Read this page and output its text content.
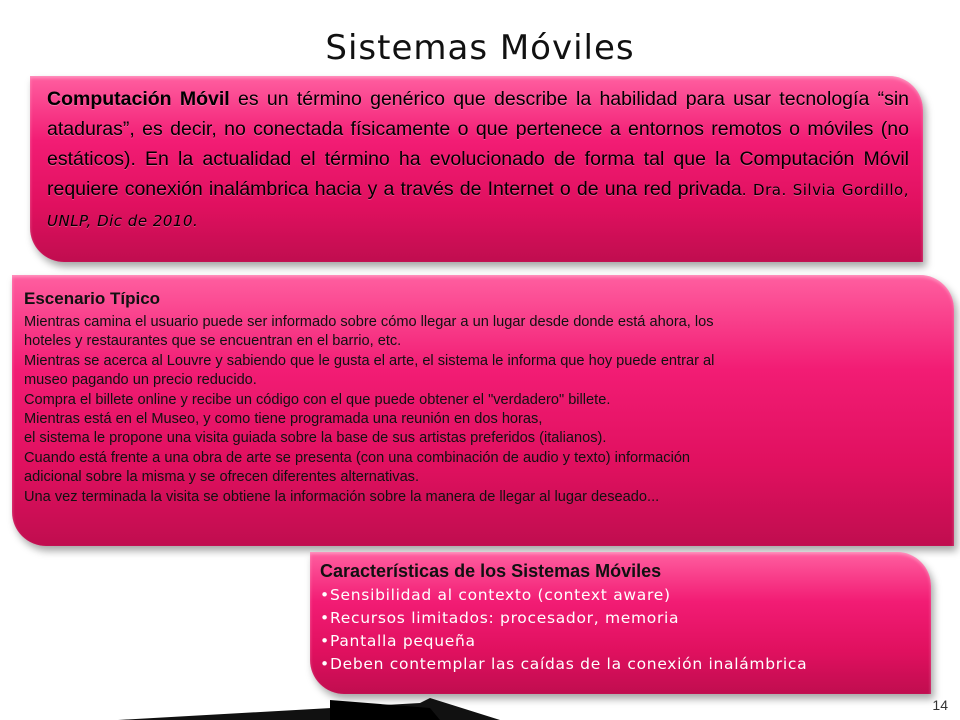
Sistemas Móviles

Computación Móvil es un término genérico que describe la habilidad para usar tecnología “sin ataduras”, es decir, no conectada físicamente o que pertenece a entornos remotos o móviles (no estáticos). En la actualidad el término ha evolucionado de forma tal que la Computación Móvil requiere conexión inalámbrica hacia y a través de Internet o de una red privada. Dra. Silvia Gordillo, UNLP, Dic de 2010.

Escenario Típico

Mientras camina el usuario puede ser informado sobre cómo llegar a un lugar desde donde está ahora, los

hoteles y restaurantes que se encuentran en el barrio, etc.

Mientras se acerca al Louvre y sabiendo que le gusta el arte, el sistema le informa que hoy puede entrar al

museo pagando un precio reducido.

Compra el billete online y recibe un código con el que puede obtener el "verdadero" billete.

Mientras está en el Museo, y como tiene programada una reunión en dos horas,

el sistema le propone una visita guiada sobre la base de sus artistas preferidos (italianos).

Cuando está frente a una obra de arte se presenta (con una combinación de audio y texto) información

adicional sobre la misma y se ofrecen diferentes alternativas.

Una vez terminada la visita se obtiene la información sobre la manera de llegar al lugar deseado...

Características de los Sistemas Móviles

•Sensibilidad al contexto (context aware)
•Recursos limitados: procesador, memoria
•Pantalla pequeña
•Deben contemplar las caídas de la conexión inalámbrica
14
